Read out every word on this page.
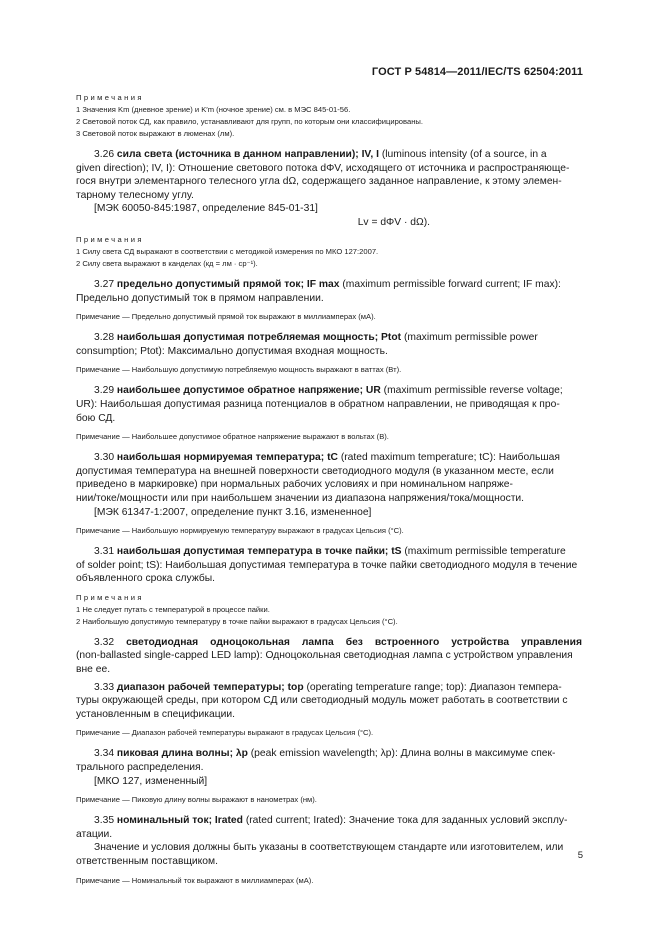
ГОСТ Р 54814—2011/IEC/TS 62504:2011
Примечания
1 Значения Km (дневное зрение) и K′m (ночное зрение) см. в МЭС 845-01-56.
2 Световой поток СД, как правило, устанавливают для групп, по которым они классифицированы.
3 Световой поток выражают в люменах (лм).
3.26 сила света (источника в данном направлении); IV, I (luminous intensity (of a source, in a
given direction); IV, I): Отношение светового потока dΦV, исходящего от источника и распространяюще-
гося внутри элементарного телесного угла dΩ, содержащего заданное направление, к этому элемен-
тарному телесному углу.
[МЭК 60050-845:1987, определение 845-01-31]
Lv = dΦV · dΩ).
Примечания
1 Силу света СД выражают в соответствии с методикой измерения по МКО 127:2007.
2 Силу света выражают в канделах (кд = лм · ср⁻¹).
3.27 предельно допустимый прямой ток; IF max (maximum permissible forward current; IF max):
Предельно допустимый ток в прямом направлении.
Примечание — Предельно допустимый прямой ток выражают в миллиамперах (мА).
3.28 наибольшая допустимая потребляемая мощность; Ptot (maximum permissible power
consumption; Ptot): Максимально допустимая входная мощность.
Примечание — Наибольшую допустимую потребляемую мощность выражают в ваттах (Вт).
3.29 наибольшее допустимое обратное напряжение; UR (maximum permissible reverse voltage;
UR): Наибольшая допустимая разница потенциалов в обратном направлении, не приводящая к про-
бою СД.
Примечание — Наибольшее допустимое обратное напряжение выражают в вольтах (В).
3.30 наибольшая нормируемая температура; tC (rated maximum temperature; tC): Наибольшая
допустимая температура на внешней поверхности светодиодного модуля (в указанном месте, если
приведено в маркировке) при нормальных рабочих условиях и при номинальном напряже-
нии/токе/мощности или при наибольшем значении из диапазона напряжения/тока/мощности.
[МЭК 61347-1:2007, определение пункт 3.16, измененное]
Примечание — Наибольшую нормируемую температуру выражают в градусах Цельсия (°С).
3.31 наибольшая допустимая температура в точке пайки; tS (maximum permissible temperature
of solder point; tS): Наибольшая допустимая температура в точке пайки светодиодного модуля в течение
объявленного срока службы.
Примечания
1 Не следует путать с температурой в процессе пайки.
2 Наибольшую допустимую температуру в точке пайки выражают в градусах Цельсия (°С).
3.32 светодиодная одноцокольная лампа без встроенного устройства управления
(non-ballasted single-capped LED lamp): Одноцокольная светодиодная лампа с устройством управления
вне ее.
3.33 диапазон рабочей температуры; top (operating temperature range; top): Диапазон темпера-
туры окружающей среды, при котором СД или светодиодный модуль может работать в соответствии с
установленным в спецификации.
Примечание — Диапазон рабочей температуры выражают в градусах Цельсия (°С).
3.34 пиковая длина волны; λp (peak emission wavelength; λp): Длина волны в максимуме спек-
трального распределения.
[МКО 127, измененный]
Примечание — Пиковую длину волны выражают в нанометрах (нм).
3.35 номинальный ток; Irated (rated current; Irated): Значение тока для заданных условий эксплу-
атации.
Значение и условия должны быть указаны в соответствующем стандарте или изготовителем, или
ответственным поставщиком.
Примечание — Номинальный ток выражают в миллиамперах (мА).
5
